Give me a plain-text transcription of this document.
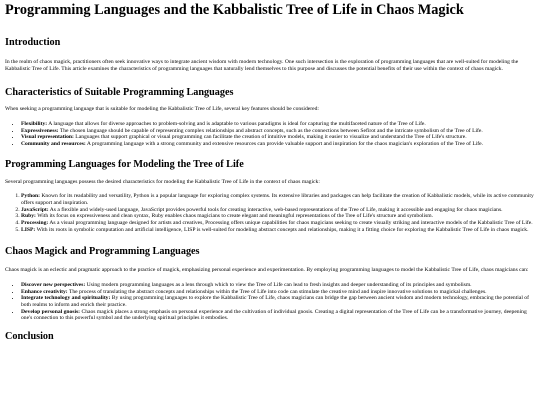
Programming Languages and the Kabbalistic Tree of Life in Chaos Magick
Introduction

In the realm of chaos magick, practitioners often seek innovative ways to integrate ancient wisdom with modern technology. One such intersection is the exploration of programming languages that are well-suited for modeling the Kabbalistic Tree of Life. This article examines the characteristics of programming languages that naturally lend themselves to this purpose and discusses the potential benefits of their use within the context of chaos magick.

Characteristics of Suitable Programming Languages

When seeking a programming language that is suitable for modeling the Kabbalistic Tree of Life, several key features should be considered:

• Flexibility: A language that allows for diverse approaches to problem-solving and is adaptable to various paradigms is ideal for capturing the multifaceted nature of the Tree of Life.
• Expressiveness: The chosen language should be capable of representing complex relationships and abstract concepts, such as the connections between Sefirot and the intricate symbolism of the Tree of Life.
• Visual representation: Languages that support graphical or visual programming can facilitate the creation of intuitive models, making it easier to visualize and understand the Tree of Life's structure.
• Community and resources: A programming language with a strong community and extensive resources can provide valuable support and inspiration for the chaos magician's exploration of the Tree of Life.
Programming Languages for Modeling the Tree of Life

Several programming languages possess the desired characteristics for modeling the Kabbalistic Tree of Life in the context of chaos magick:

1. Python: Known for its readability and versatility, Python is a popular language for exploring complex systems. Its extensive libraries and packages can help facilitate the creation of Kabbalistic models, while its active community offers support and inspiration.
2. JavaScript: As a flexible and widely-used language, JavaScript provides powerful tools for creating interactive, web-based representations of the Tree of Life, making it accessible and engaging for chaos magicians.
3. Ruby: With its focus on expressiveness and clean syntax, Ruby enables chaos magicians to create elegant and meaningful representations of the Tree of Life's structure and symbolism.
4. Processing: As a visual programming language designed for artists and creatives, Processing offers unique capabilities for chaos magicians seeking to create visually striking and interactive models of the Kabbalistic Tree of Life.
5. LISP: With its roots in symbolic computation and artificial intelligence, LISP is well-suited for modeling abstract concepts and relationships, making it a fitting choice for exploring the Kabbalistic Tree of Life in chaos magick.
Chaos Magick and Programming Languages

Chaos magick is an eclectic and pragmatic approach to the practice of magick, emphasizing personal experience and experimentation. By employing programming languages to model the Kabbalistic Tree of Life, chaos magicians can:

• Discover new perspectives: Using modern programming languages as a lens through which to view the Tree of Life can lead to fresh insights and deeper understanding of its principles and symbolism.
• Enhance creativity: The process of translating the abstract concepts and relationships within the Tree of Life into code can stimulate the creative mind and inspire innovative solutions to magickal challenges.
• Integrate technology and spirituality: By using programming languages to explore the Kabbalistic Tree of Life, chaos magicians can bridge the gap between ancient wisdom and modern technology, embracing the potential of both realms to inform and enrich their practice.
• Develop personal gnosis: Chaos magick places a strong emphasis on personal experience and the cultivation of individual gnosis. Creating a digital representation of the Tree of Life can be a transformative journey, deepening one's connection to this powerful symbol and the underlying spiritual principles it embodies.
Conclusion
